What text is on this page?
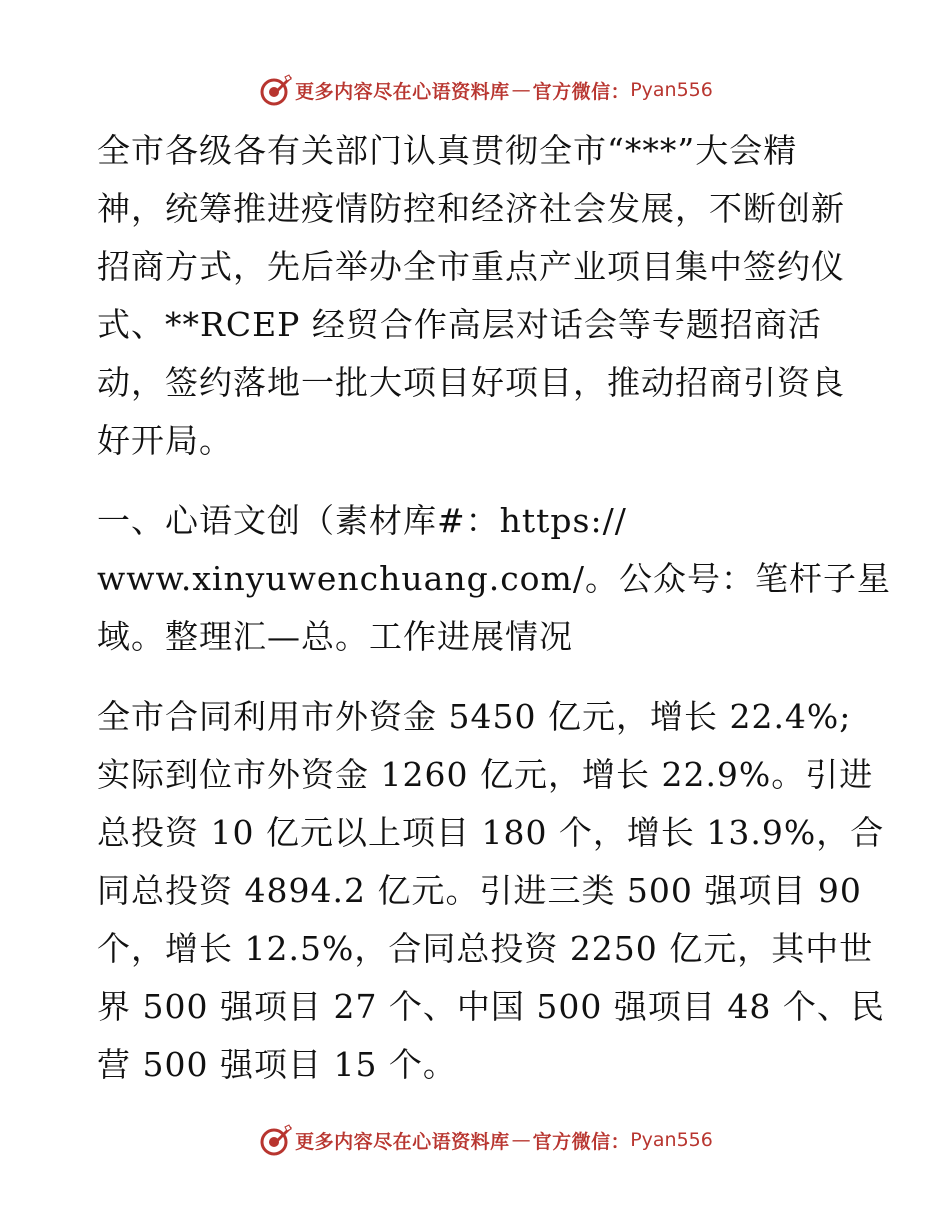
更多内容尽在心语资料库 — 官方微信： Pyan556

全市各级各有关部门认真贯彻全市“***”大会精
神，统筹推进疫情防控和经济社会发展，不断创新
招商方式，先后举办全市重点产业项目集中签约仪
式、**RCEP 经贸合作高层对话会等专题招商活
动，签约落地一批大项目好项目，推动招商引资良
好开局。

一、心语文创（素材库#：https://
www.xinyuwenchuang.com/。公众号：笔杆子星
域。整理汇—总。工作进展情况

全市合同利用市外资金 5450 亿元，增长 22.4%;
实际到位市外资金 1260 亿元，增长 22.9%。引进
总投资 10 亿元以上项目 180 个，增长 13.9%，合
同总投资 4894.2 亿元。引进三类 500 强项目 90
个，增长 12.5%，合同总投资 2250 亿元，其中世
界 500 强项目 27 个、中国 500 强项目 48 个、民
营 500 强项目 15 个。

更多内容尽在心语资料库 — 官方微信： Pyan556
